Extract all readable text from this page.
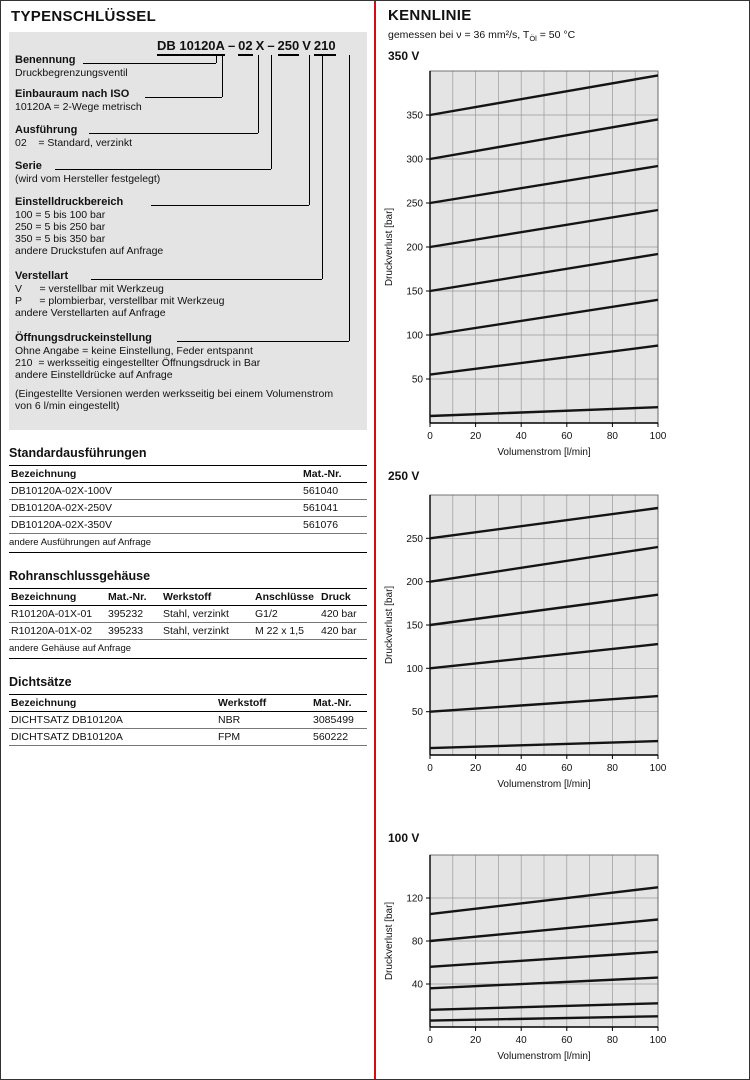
TYPENSCHLÜSSEL
DB 10120A – 02 X – 250 V 210
Benennung
Druckbegrenzungsventil
Einbauraum nach ISO
10120A = 2-Wege metrisch
Ausführung
02    = Standard, verzinkt
Serie
(wird vom Hersteller festgelegt)
Einstelldruckbereich
100 = 5 bis 100 bar
250 = 5 bis 250 bar
350 = 5 bis 350 bar
andere Druckstufen auf Anfrage
Verstellart
V      = verstellbar mit Werkzeug
P      = plombierbar, verstellbar mit Werkzeug
andere Verstellarten auf Anfrage
Öffnungsdruckeinstellung
Ohne Angabe = keine Einstellung, Feder entspannt
210  = werksseitig eingestellter Öffnungsdruck in Bar
andere Einstelldrücke auf Anfrage
(Eingestellte Versionen werden werksseitig bei einem Volumenstrom von 6 l/min eingestellt)
Standardausführungen
Bezeichnung	Mat.-Nr.
DB10120A-02X-100V	561040
DB10120A-02X-250V	561041
DB10120A-02X-350V	561076
andere Ausführungen auf Anfrage
Rohranschlussgehäuse
Bezeichnung	Mat.-Nr.	Werkstoff	Anschlüsse	Druck
R10120A-01X-01	395232	Stahl, verzinkt	G1/2	420 bar
R10120A-01X-02	395233	Stahl, verzinkt	M 22 x 1,5	420 bar
andere Gehäuse auf Anfrage
Dichtsätze
Bezeichnung	Werkstoff	Mat.-Nr.
DICHTSATZ DB10120A	NBR	3085499
DICHTSATZ DB10120A	FPM	560222
KENNLINIE
gemessen bei ν = 36 mm²/s, $T_{Öl} = 50$ °C
350 V
50
100
150
200
250
300
350
0	20	40	60	80	100
Volumenstrom [l/min]
Druckverlust [bar]
250 V
50
100
150
200
250
0	20	40	60	80	100
Volumenstrom [l/min]
Druckverlust [bar]
100 V
40
80
120
0	20	40	60	80	100
Volumenstrom [l/min]
Druckverlust [bar]
